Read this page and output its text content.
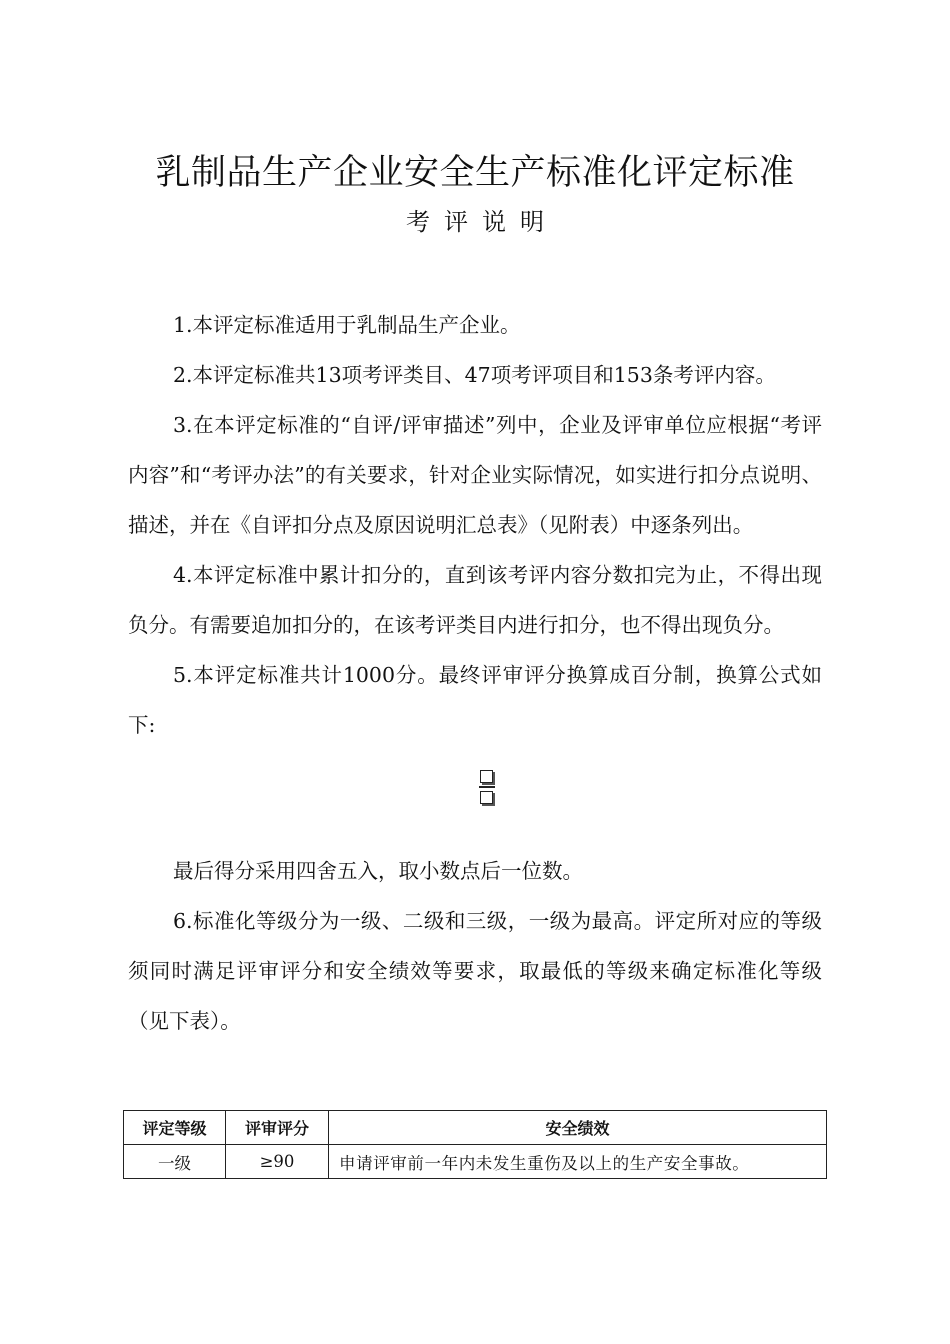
乳制品生产企业安全生产标准化评定标准
考评说明

1.本评定标准适用于乳制品生产企业。

2.本评定标准共13项考评类目、47项考评项目和153条考评内容。

3.在本评定标准的“自评/评审描述”列中，企业及评审单位应根据“考评内容”和“考评办法”的有关要求，针对企业实际情况，如实进行扣分点说明、描述，并在《自评扣分点及原因说明汇总表》（见附表）中逐条列出。

4.本评定标准中累计扣分的，直到该考评内容分数扣完为止，不得出现负分。有需要追加扣分的，在该考评类目内进行扣分，也不得出现负分。

5.本评定标准共计1000分。最终评审评分换算成百分制，换算公式如下:

最后得分采用四舍五入，取小数点后一位数。

6.标准化等级分为一级、二级和三级，一级为最高。评定所对应的等级须同时满足评审评分和安全绩效等要求，取最低的等级来确定标准化等级（见下表）。

评定等级	评审评分	安全绩效
一级	≥90	申请评审前一年内未发生重伤及以上的生产安全事故。
